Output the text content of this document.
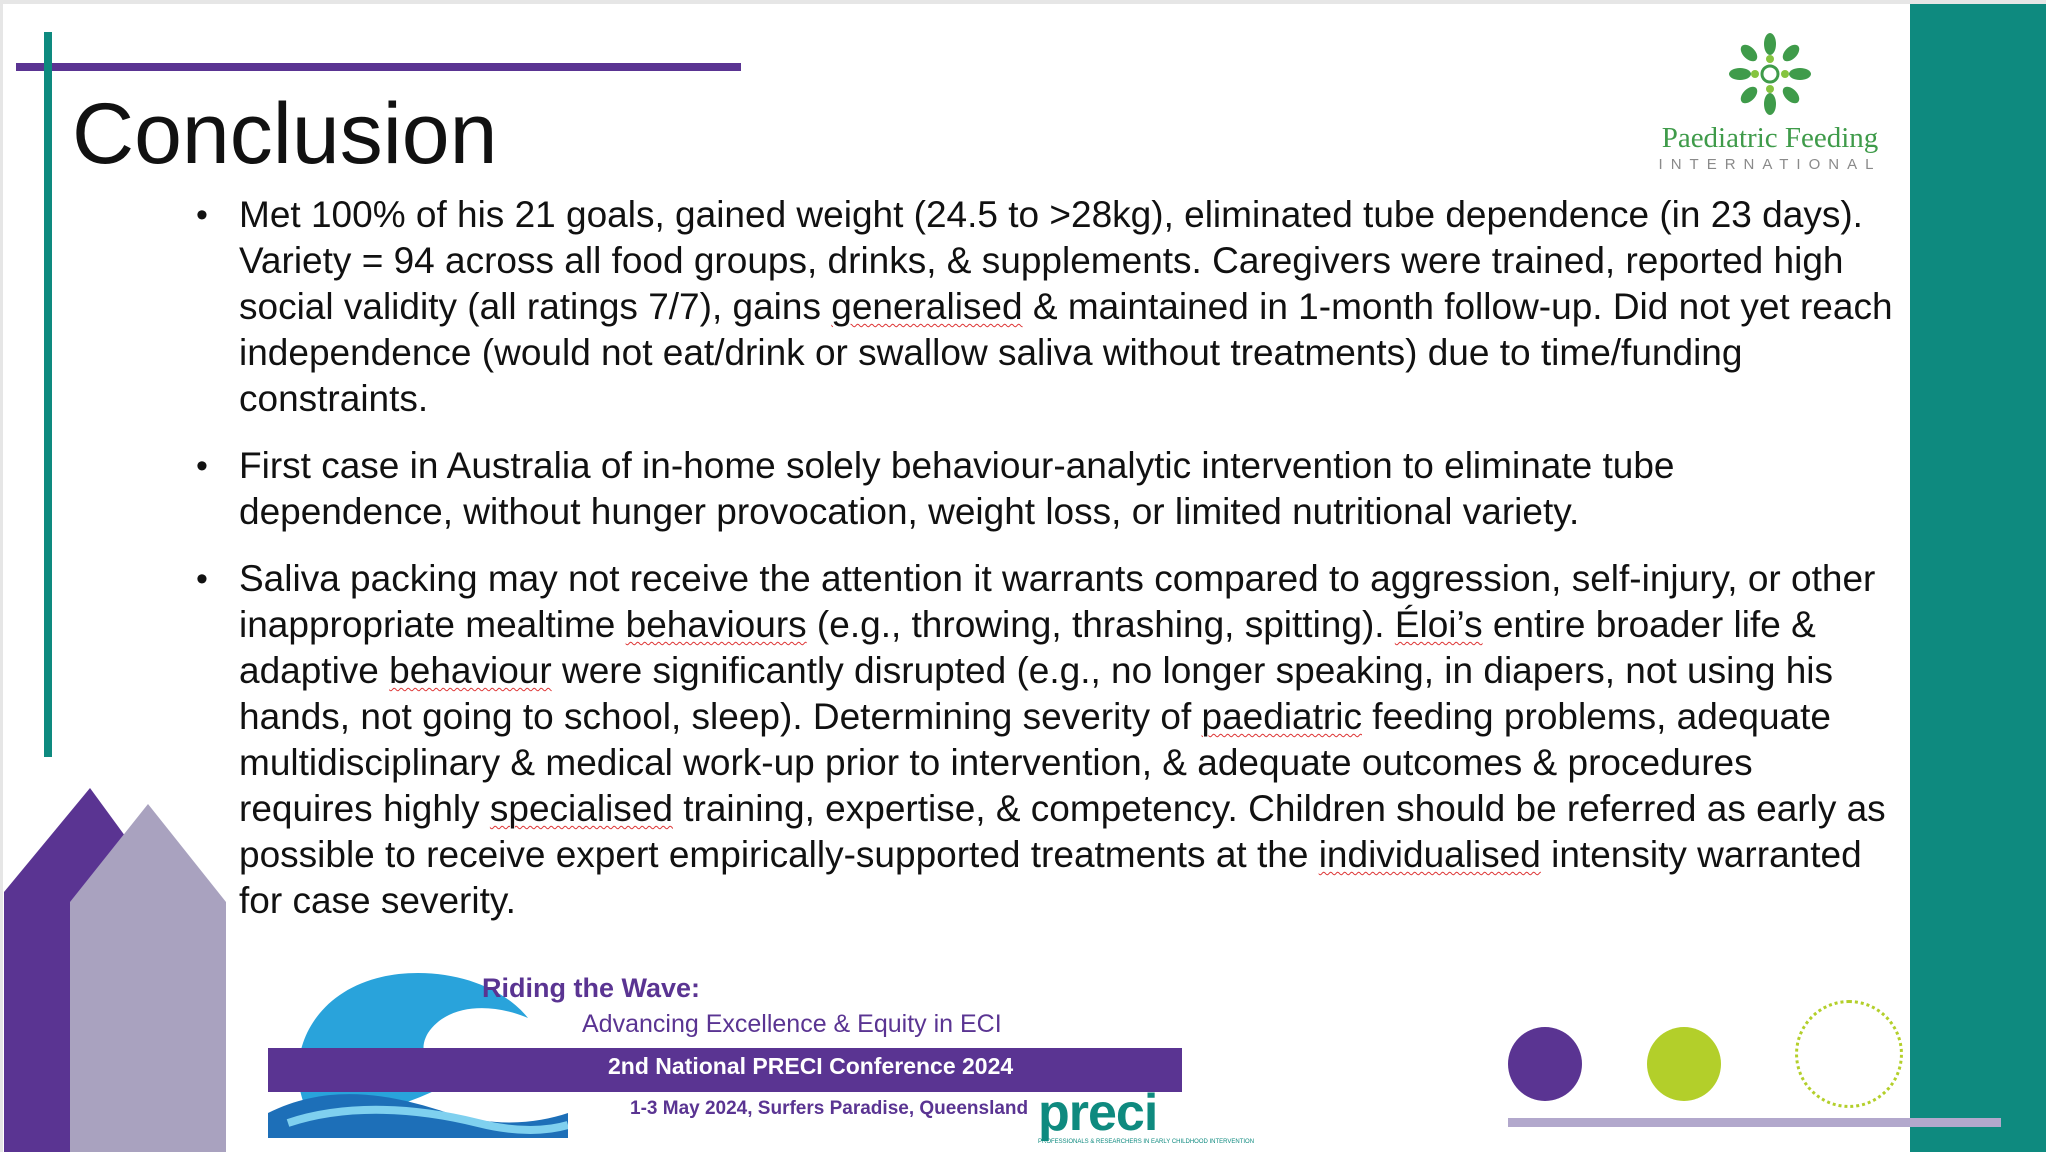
Conclusion	Paediatric Feeding
INTERNATIONAL
• Met 100% of his 21 goals, gained weight (24.5 to >28kg), eliminated tube dependence (in 23 days). Variety = 94 across all food groups, drinks, & supplements. Caregivers were trained, reported high social validity (all ratings 7/7), gains generalised & maintained in 1-month follow-up. Did not yet reach independence (would not eat/drink or swallow saliva without treatments) due to time/funding constraints.
• First case in Australia of in-home solely behaviour-analytic intervention to eliminate tube dependence, without hunger provocation, weight loss, or limited nutritional variety.
• Saliva packing may not receive the attention it warrants compared to aggression, self-injury, or other inappropriate mealtime behaviours (e.g., throwing, thrashing, spitting). Éloi’s entire broader life & adaptive behaviour were significantly disrupted (e.g., no longer speaking, in diapers, not using his hands, not going to school, sleep). Determining severity of paediatric feeding problems, adequate multidisciplinary & medical work-up prior to intervention, & adequate outcomes & procedures requires highly specialised training, expertise, & competency. Children should be referred as early as possible to receive expert empirically-supported treatments at the individualised intensity warranted for case severity.
Riding the Wave:
Advancing Excellence & Equity in ECI
2nd National PRECI Conference 2024
1-3 May 2024, Surfers Paradise, Queensland preci
PROFESSIONALS & RESEARCHERS IN EARLY CHILDHOOD INTERVENTION
